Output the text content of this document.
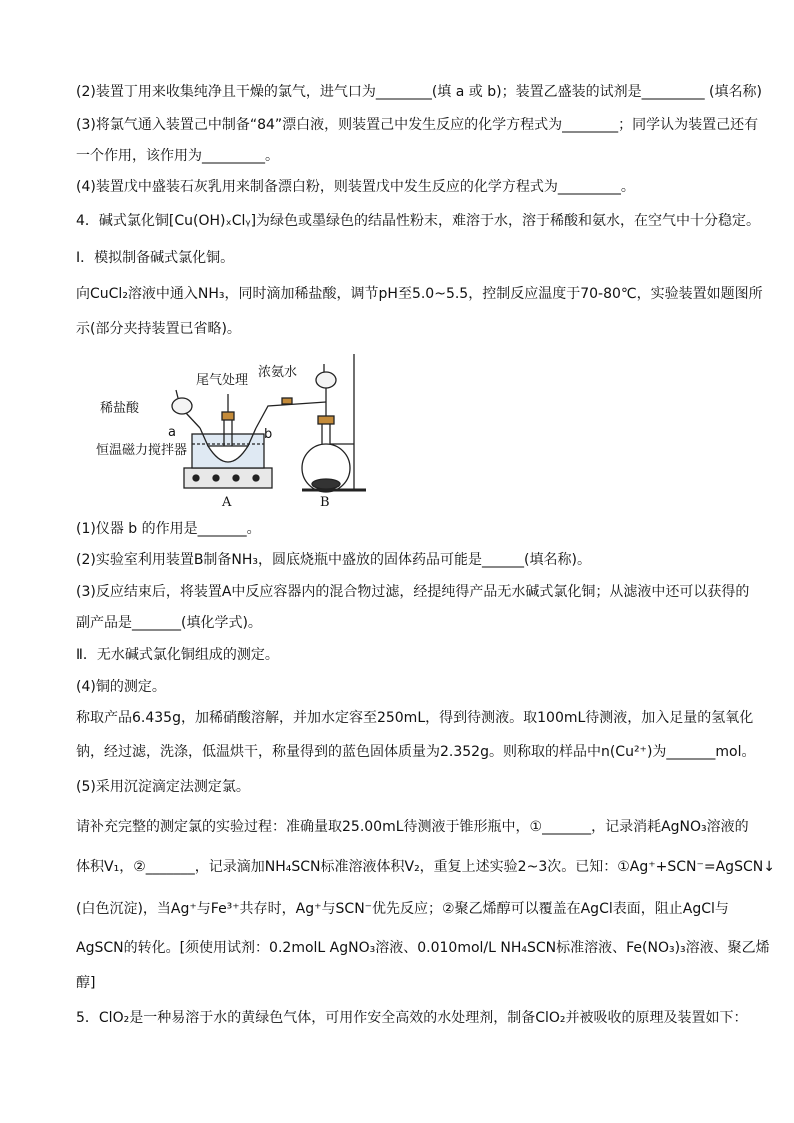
(2)装置丁用来收集纯净且干燥的氯气，进气口为________(填 a 或 b)；装置乙盛装的试剂是_________ (填名称)
(3)将氯气通入装置己中制备“84”漂白液，则装置己中发生反应的化学方程式为________；同学认为装置己还有
一个作用，该作用为_________。
(4)装置戊中盛装石灰乳用来制备漂白粉，则装置戊中发生反应的化学方程式为_________。
4．碱式氯化铜[Cu(OH)ₓClᵧ]为绿色或墨绿色的结晶性粉末，难溶于水，溶于稀酸和氨水，在空气中十分稳定。
Ⅰ．模拟制备碱式氯化铜。
向CuCl₂溶液中通入NH₃，同时滴加稀盐酸，调节pH至5.0~5.5，控制反应温度于70-80℃，实验装置如题图所
示(部分夹持装置已省略)。
稀盐酸
尾气处理
浓氨水
a	b
恒温磁力搅拌器
A	B
(1)仪器 b 的作用是_______。
(2)实验室利用装置B制备NH₃，圆底烧瓶中盛放的固体药品可能是______(填名称)。
(3)反应结束后，将装置A中反应容器内的混合物过滤，经提纯得产品无水碱式氯化铜；从滤液中还可以获得的
副产品是_______(填化学式)。
Ⅱ．无水碱式氯化铜组成的测定。
(4)铜的测定。
称取产品6.435g，加稀硝酸溶解，并加水定容至250mL，得到待测液。取100mL待测液，加入足量的氢氧化
钠，经过滤，洗涤，低温烘干，称量得到的蓝色固体质量为2.352g。则称取的样品中n(Cu²⁺)为_______mol。
(5)采用沉淀滴定法测定氯。
请补充完整的测定氯的实验过程：准确量取25.00mL待测液于锥形瓶中，①_______，记录消耗AgNO₃溶液的
体积V₁，②_______，记录滴加NH₄SCN标准溶液体积V₂，重复上述实验2~3次。已知：①Ag⁺+SCN⁻=AgSCN↓
(白色沉淀)，当Ag⁺与Fe³⁺共存时，Ag⁺与SCN⁻优先反应；②聚乙烯醇可以覆盖在AgCl表面，阻止AgCl与
AgSCN的转化。[须使用试剂：0.2molL AgNO₃溶液、0.010mol/L NH₄SCN标准溶液、Fe(NO₃)₃溶液、聚乙烯
醇]
5．ClO₂是一种易溶于水的黄绿色气体，可用作安全高效的水处理剂，制备ClO₂并被吸收的原理及装置如下：
